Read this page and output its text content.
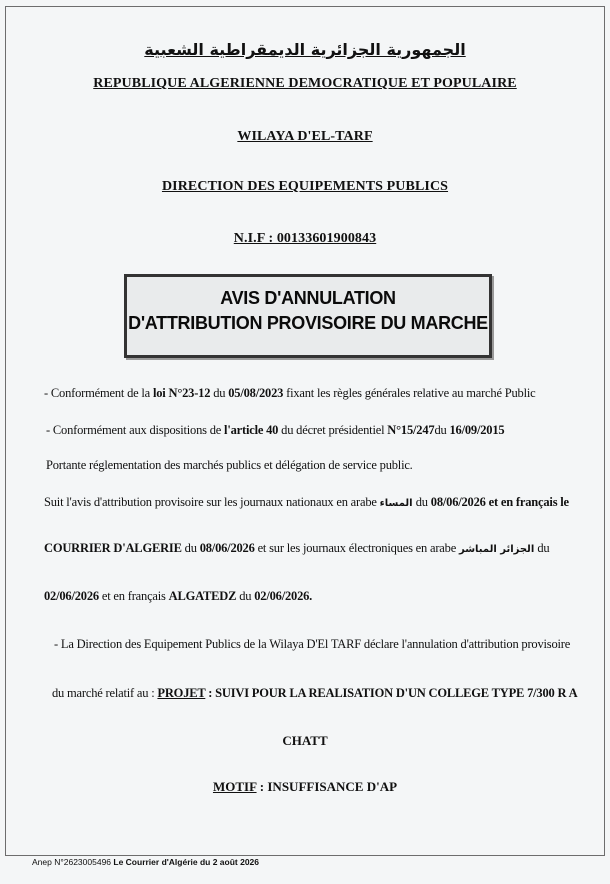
الجمهورية الجزائرية الديمقراطية الشعبية
REPUBLIQUE ALGERIENNE DEMOCRATIQUE ET POPULAIRE
WILAYA D'EL-TARF
DIRECTION DES EQUIPEMENTS PUBLICS
N.I.F : 00133601900843
AVIS D'ANNULATION
D'ATTRIBUTION PROVISOIRE DU MARCHE
- Conformément de la loi N°23-12 du 05/08/2023 fixant les règles générales relative au marché Public
- Conformément aux dispositions de l'article 40 du décret présidentiel N°15/247du 16/09/2015
Portante réglementation des marchés publics et délégation de service public.
Suit l'avis d'attribution provisoire sur les journaux nationaux en arabe المساء du 08/06/2026 et en français le
COURRIER D'ALGERIE du 08/06/2026 et sur les journaux électroniques en arabe الجزائر المباشر du
02/06/2026 et en français ALGATEDZ du 02/06/2026.
- La Direction des Equipement Publics de la Wilaya D'El TARF déclare l'annulation d'attribution provisoire
du marché relatif au : PROJET : SUIVI POUR LA REALISATION D'UN COLLEGE TYPE 7/300 R A
CHATT
MOTIF : INSUFFISANCE D'AP
Anep N°2623005496 Le Courrier d'Algérie du 2 août 2026
